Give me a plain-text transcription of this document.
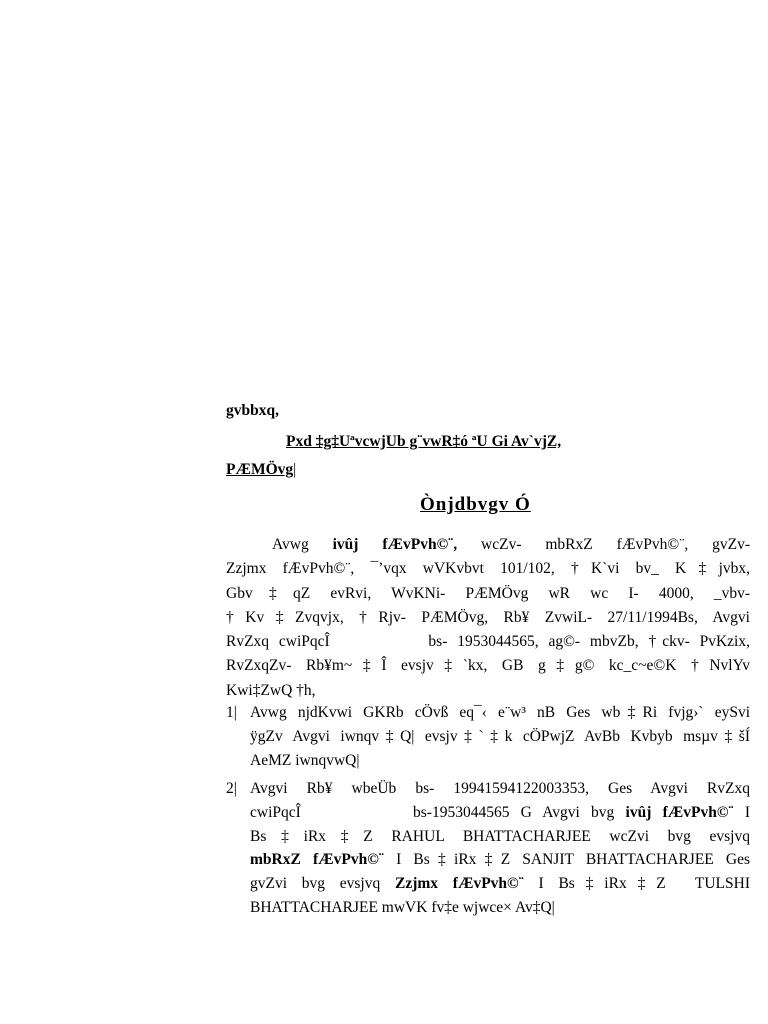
gvbbxq,
Pxd ‡g‡UªvcwjUb g¨vwR‡ó ªU Gi Av`vjZ,
PÆMÖvg|
Ònjdbvgv Ó
Avwg ivûj fÆvPvh©¨, wcZv- mbRxZ fÆvPvh©¨, gvZv-
Zzjmx fÆvPvh©¨, ¯’vqx wVKvbvt 101/102, †K`vi bv_ K‡jvbx,
Gbv‡qZ evRvi, WvKNi- PÆMÖvg wR wc I- 4000, _vbv-
†Kv‡Zvqvjx, †Rjv- PÆMÖvg, Rb¥ ZvwiL- 27/11/1994Bs, Avgvi
RvZxq cwiPqcÎ          bs- 1953044565, ag©- mbvZb, †ckv- PvKzix,
RvZxqZv- Rb¥m~‡Î evsjv‡`kx, GB g‡g© kc_c~e©K †NvlYv
Kwi‡ZwQ †h,
1| Avwg njdKvwi GKRb cÖvß eq¯‹ e¨w³ nB Ges wb‡Ri fvjg›` eySvi
ÿgZv Avgvi iwnqv‡Q| evsjv‡`‡k cÖPwjZ AvBb Kvbyb msµv‡šÍ
AeMZ iwnqvwQ|
2| Avgvi Rb¥ wbeÜb bs- 19941594122003353, Ges Avgvi RvZxq
cwiPqcÎ          bs-1953044565 G Avgvi bvg ivûj fÆvPvh©¨ I
Bs‡iRx‡Z RAHUL BHATTACHARJEE wcZvi bvg evsjvq
mbRxZ fÆvPvh©¨ I Bs‡iRx‡Z SANJIT BHATTACHARJEE Ges
gvZvi bvg evsjvq Zzjmx fÆvPvh©¨ I Bs‡iRx‡Z  TULSHI
BHATTACHARJEE mwVK fv‡e wjwce× Av‡Q|
